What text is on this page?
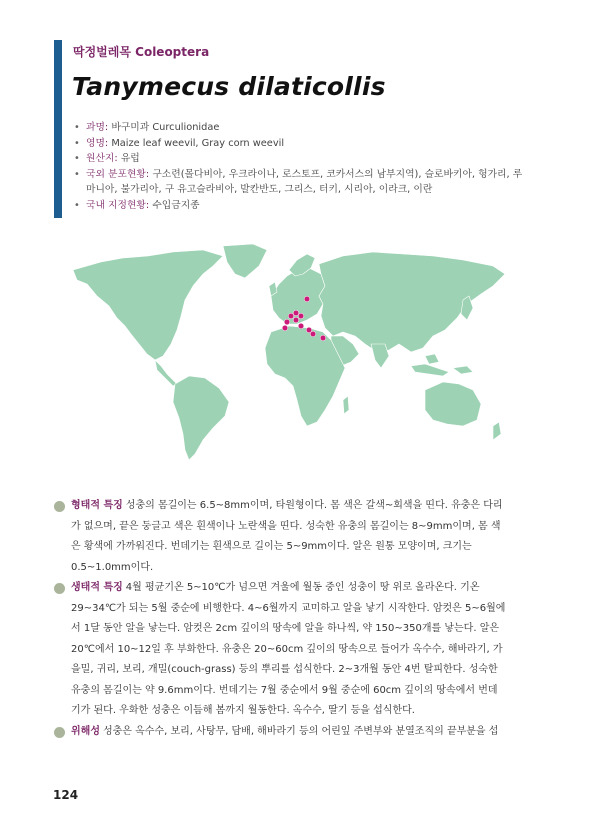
딱정벌레목 Coleoptera
Tanymecus dilaticollis
• 과명: 바구미과 Curculionidae
• 영명: Maize leaf weevil, Gray corn weevil
• 원산지: 유럽
• 국외 분포현황: 구소련(몰다비아, 우크라이나, 로스토프, 코카서스의 남부지역), 슬로바키아, 헝가리, 루마니아, 불가리아, 구 유고슬라비아, 발칸반도, 그리스, 터키, 시리아, 이라크, 이란
• 국내 지정현황: 수입금지종

형태적 특징 성충의 몸길이는 6.5~8mm이며, 타원형이다. 몸 색은 갈색~회색을 띤다. 유충은 다리가 없으며, 끝은 둥글고 색은 흰색이나 노란색을 띤다. 성숙한 유충의 몸길이는 8~9mm이며, 몸 색은 황색에 가까워진다. 번데기는 흰색으로 길이는 5~9mm이다. 알은 원통 모양이며, 크기는 0.5~1.0mm이다.

생태적 특징 4월 평균기온 5~10℃가 넘으면 겨울에 월동 중인 성충이 땅 위로 올라온다. 기온 29~34℃가 되는 5월 중순에 비행한다. 4~6월까지 교미하고 알을 낳기 시작한다. 암컷은 5~6월에서 1달 동안 알을 낳는다. 암컷은 2cm 깊이의 땅속에 알을 하나씩, 약 150~350개를 낳는다. 알은 20℃에서 10~12일 후 부화한다. 유충은 20~60cm 깊이의 땅속으로 들어가 옥수수, 해바라기, 가을밀, 귀리, 보리, 개밀(couch-grass) 등의 뿌리를 섭식한다. 2~3개월 동안 4번 탈피한다. 성숙한 유충의 몸길이는 약 9.6mm이다. 번데기는 7월 중순에서 9월 중순에 60cm 깊이의 땅속에서 번데기가 된다. 우화한 성충은 이듬해 봄까지 월동한다. 옥수수, 딸기 등을 섭식한다.

위해성 성충은 옥수수, 보리, 사탕무, 담배, 해바라기 등의 어린잎 주변부와 분열조직의 끝부분을 섭

124
